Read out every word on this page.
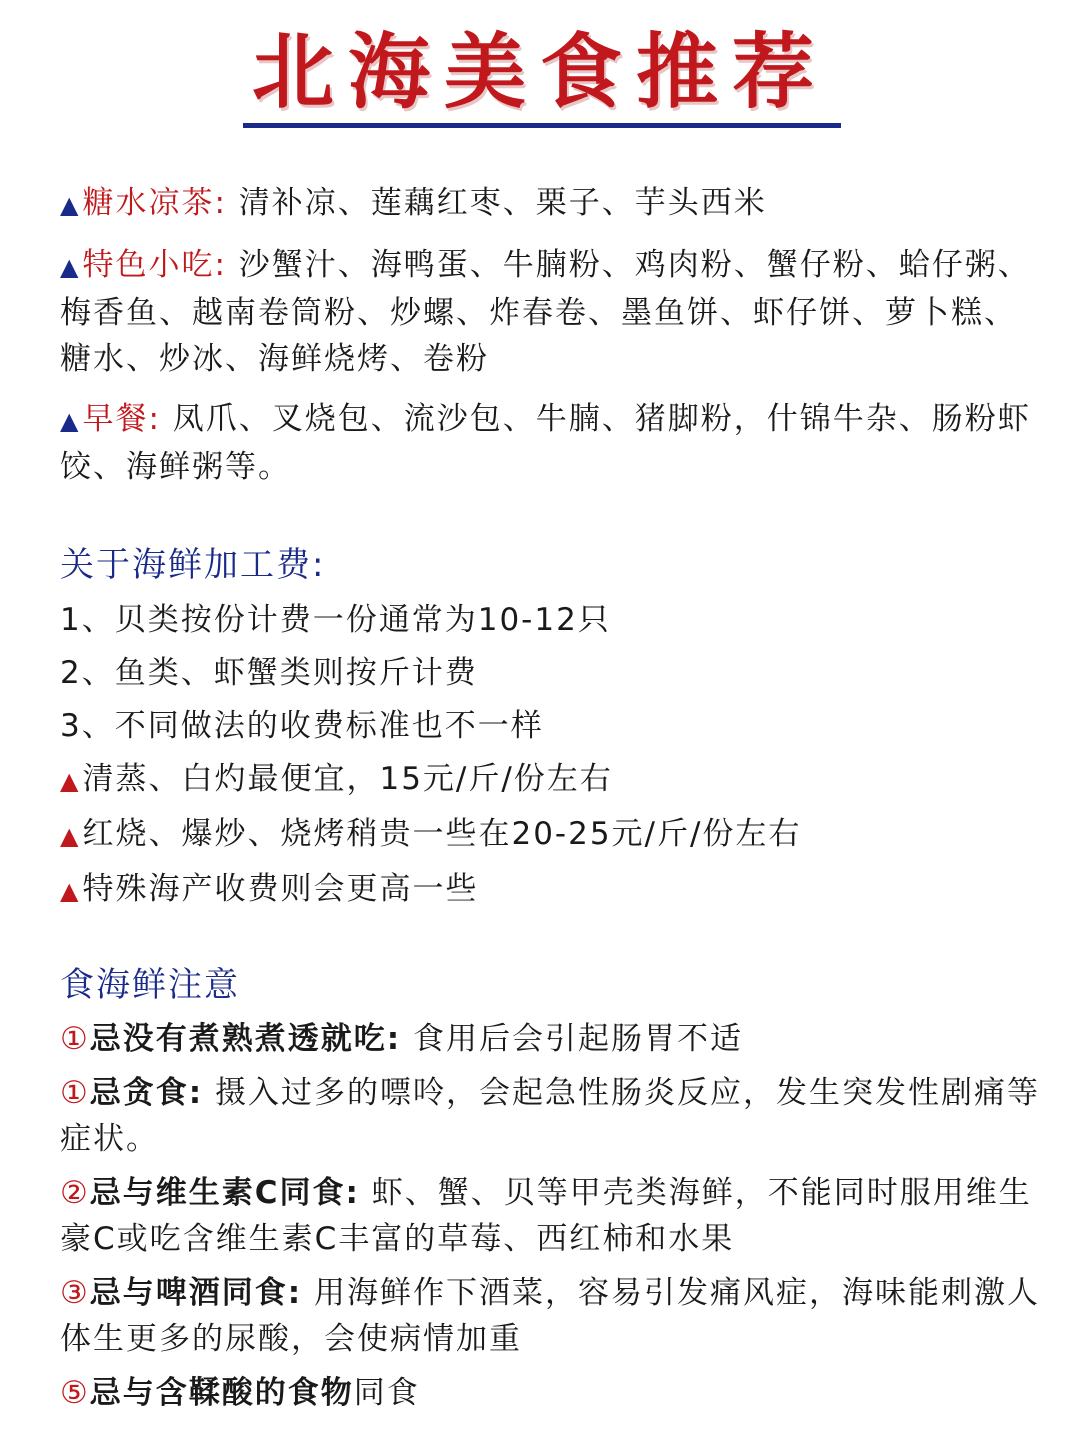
北海美食推荐

▲糖水凉茶: 清补凉、莲藕红枣、栗子、芋头西米

▲特色小吃: 沙蟹汁、海鸭蛋、牛腩粉、鸡肉粉、蟹仔粉、蛤仔粥、梅香鱼、越南卷筒粉、炒螺、炸春卷、墨鱼饼、虾仔饼、萝卜糕、糖水、炒冰、海鲜烧烤、卷粉

▲早餐: 凤爪、叉烧包、流沙包、牛腩、猪脚粉，什锦牛杂、肠粉虾饺、海鲜粥等。

关于海鲜加工费:

1、贝类按份计费一份通常为10-12只

2、鱼类、虾蟹类则按斤计费

3、不同做法的收费标准也不一样

▲清蒸、白灼最便宜，15元/斤/份左右

▲红烧、爆炒、烧烤稍贵一些在20-25元/斤/份左右

▲特殊海产收费则会更高一些

食海鲜注意

①忌没有煮熟煮透就吃: 食用后会引起肠胃不适

①忌贪食: 摄入过多的嘌呤，会起急性肠炎反应，发生突发性剧痛等症状。

②忌与维生素C同食: 虾、蟹、贝等甲壳类海鲜，不能同时服用维生豪C或吃含维生素C丰富的草莓、西红柿和水果

③忌与啤酒同食: 用海鲜作下酒菜，容易引发痛风症，海味能刺激人体生更多的尿酸，会使病情加重

⑤忌与含鞣酸的食物同食
